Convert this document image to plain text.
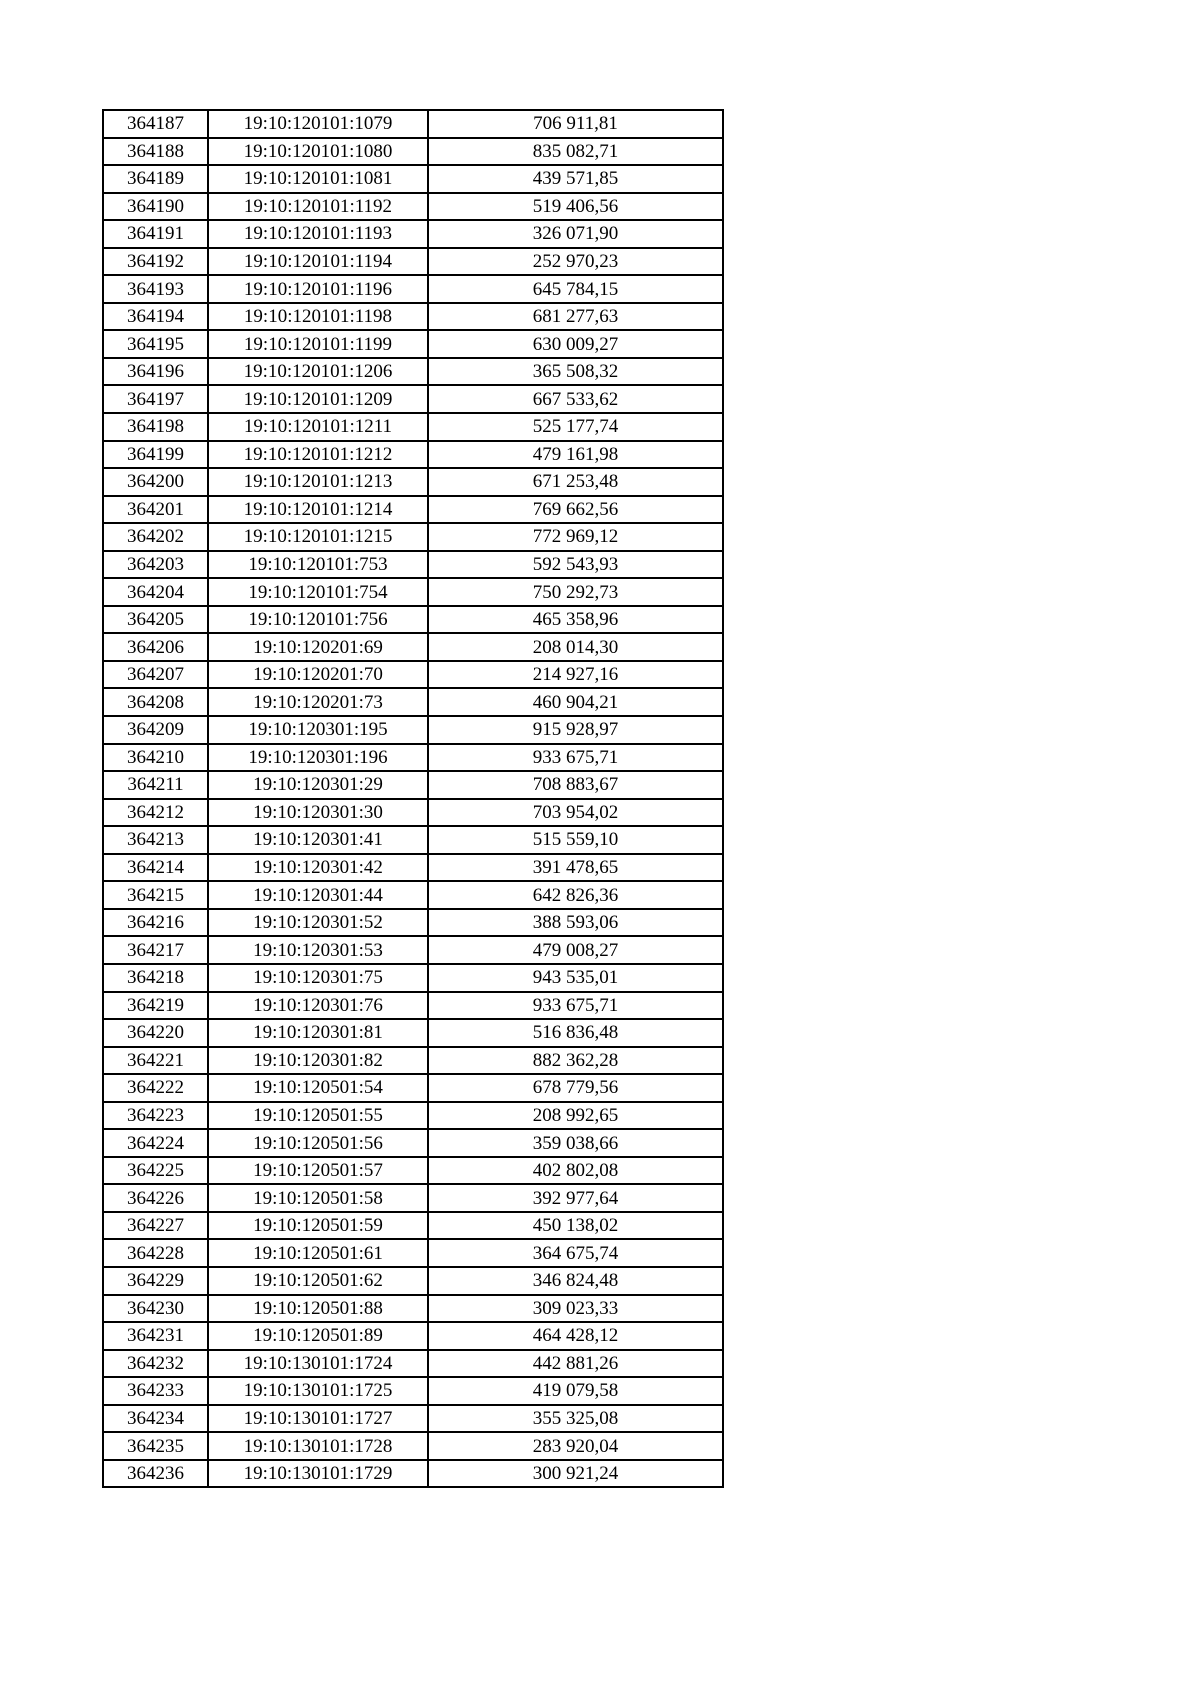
364187	19:10:120101:1079	706 911,81
364188	19:10:120101:1080	835 082,71
364189	19:10:120101:1081	439 571,85
364190	19:10:120101:1192	519 406,56
364191	19:10:120101:1193	326 071,90
364192	19:10:120101:1194	252 970,23
364193	19:10:120101:1196	645 784,15
364194	19:10:120101:1198	681 277,63
364195	19:10:120101:1199	630 009,27
364196	19:10:120101:1206	365 508,32
364197	19:10:120101:1209	667 533,62
364198	19:10:120101:1211	525 177,74
364199	19:10:120101:1212	479 161,98
364200	19:10:120101:1213	671 253,48
364201	19:10:120101:1214	769 662,56
364202	19:10:120101:1215	772 969,12
364203	19:10:120101:753	592 543,93
364204	19:10:120101:754	750 292,73
364205	19:10:120101:756	465 358,96
364206	19:10:120201:69	208 014,30
364207	19:10:120201:70	214 927,16
364208	19:10:120201:73	460 904,21
364209	19:10:120301:195	915 928,97
364210	19:10:120301:196	933 675,71
364211	19:10:120301:29	708 883,67
364212	19:10:120301:30	703 954,02
364213	19:10:120301:41	515 559,10
364214	19:10:120301:42	391 478,65
364215	19:10:120301:44	642 826,36
364216	19:10:120301:52	388 593,06
364217	19:10:120301:53	479 008,27
364218	19:10:120301:75	943 535,01
364219	19:10:120301:76	933 675,71
364220	19:10:120301:81	516 836,48
364221	19:10:120301:82	882 362,28
364222	19:10:120501:54	678 779,56
364223	19:10:120501:55	208 992,65
364224	19:10:120501:56	359 038,66
364225	19:10:120501:57	402 802,08
364226	19:10:120501:58	392 977,64
364227	19:10:120501:59	450 138,02
364228	19:10:120501:61	364 675,74
364229	19:10:120501:62	346 824,48
364230	19:10:120501:88	309 023,33
364231	19:10:120501:89	464 428,12
364232	19:10:130101:1724	442 881,26
364233	19:10:130101:1725	419 079,58
364234	19:10:130101:1727	355 325,08
364235	19:10:130101:1728	283 920,04
364236	19:10:130101:1729	300 921,24
